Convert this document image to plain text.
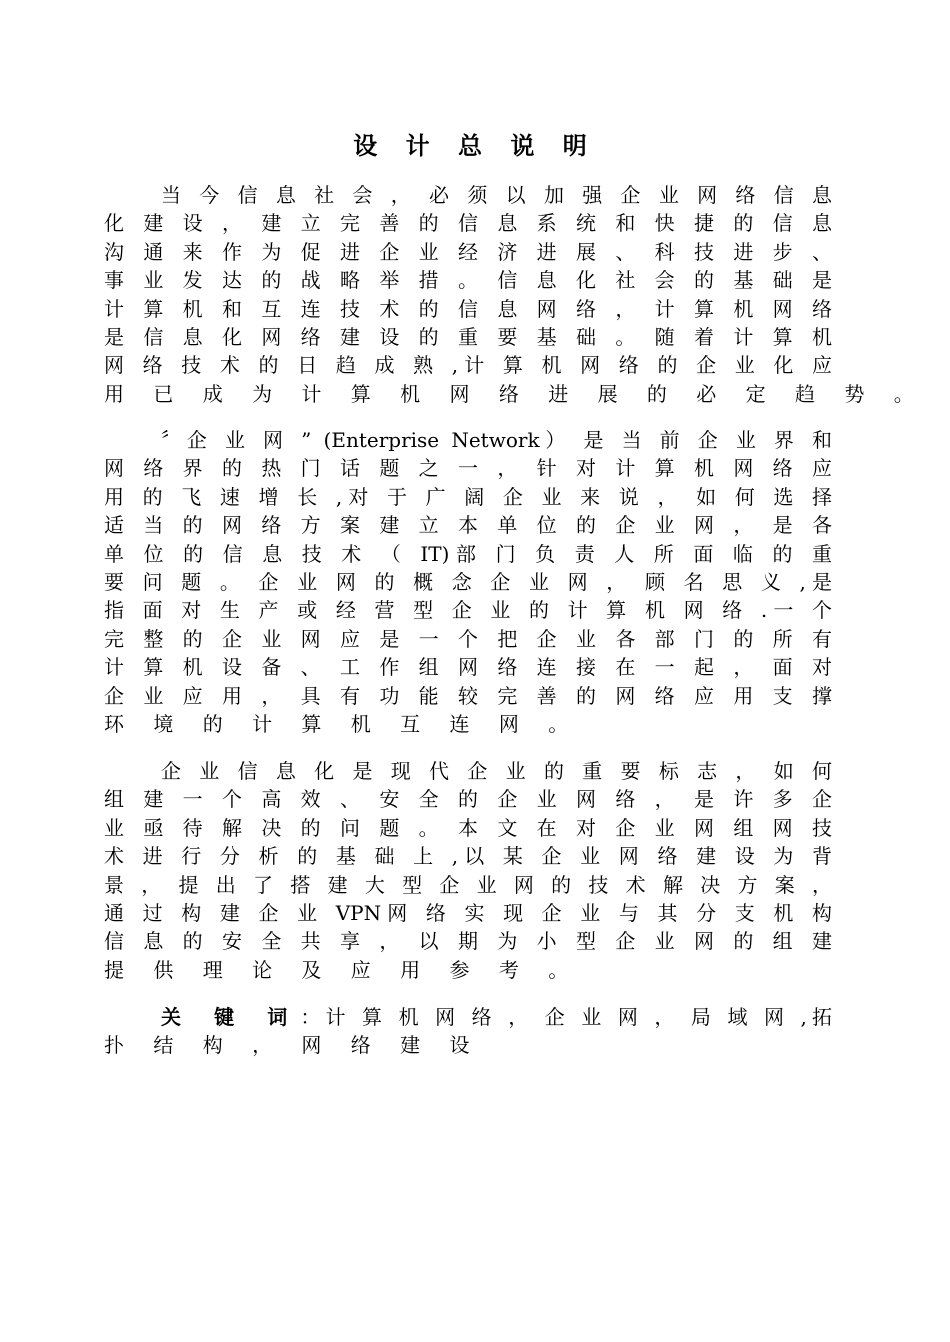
设 计 总 说 明
当 今 信 息 社 会 ， 必 须 以 加 强 企 业 网 络 信 息
化 建 设 ， 建 立 完 善 的 信 息 系 统 和 快 捷 的 信 息
沟 通 来 作 为 促 进 企 业 经 济 进 展 、 科 技 进 步 、
事 业 发 达 的 战 略 举 措 。 信 息 化 社 会 的 基 础 是
计 算 机 和 互 连 技 术 的 信 息 网 络 ， 计 算 机 网 络
是 信 息 化 网 络 建 设 的 重 要 基 础 。 随 着 计 算 机
网 络 技 术 的 日 趋 成 熟 ,计 算 机 网 络 的 企 业 化 应
用 已 成 为 计 算 机 网 络 进 展 的 必 定 趋 势 。
〞企 业 网 ” (Enterprise Network） 是 当 前 企 业 界 和
网 络 界 的 热 门 话 题 之 一 ， 针 对 计 算 机 网 络 应
用 的 飞 速 增 长 ,对 于 广 阔 企 业 来 说 ， 如 何 选 择
适 当 的 网 络 方 案 建 立 本 单 位 的 企 业 网 ， 是 各
单 位 的 信 息 技 术 （ IT)部 门 负 责 人 所 面 临 的 重
要 问 题 。 企 业 网 的 概 念 企 业 网 ， 顾 名 思 义 ,是
指 面 对 生 产 或 经 营 型 企 业 的 计 算 机 网 络 .一 个
完 整 的 企 业 网 应 是 一 个 把 企 业 各 部 门 的 所 有
计 算 机 设 备 、 工 作 组 网 络 连 接 在 一 起 ， 面 对
企 业 应 用 ， 具 有 功 能 较 完 善 的 网 络 应 用 支 撑
环 境 的 计 算 机 互 连 网 。
企 业 信 息 化 是 现 代 企 业 的 重 要 标 志 ， 如 何
组 建 一 个 高 效 、 安 全 的 企 业 网 络 ， 是 许 多 企
业 亟 待 解 决 的 问 题 。 本 文 在 对 企 业 网 组 网 技
术 进 行 分 析 的 基 础 上 ,以 某 企 业 网 络 建 设 为 背
景 ， 提 出 了 搭 建 大 型 企 业 网 的 技 术 解 决 方 案 ，
通 过 构 建 企 业 VPN网 络 实 现 企 业 与 其 分 支 机 构
信 息 的 安 全 共 享 ， 以 期 为 小 型 企 业 网 的 组 建
提 供 理 论 及 应 用 参 考 。
关 键 词：计 算 机 网 络 ， 企 业 网 ， 局 域 网 ,拓
扑 结 构 ， 网 络 建 设
